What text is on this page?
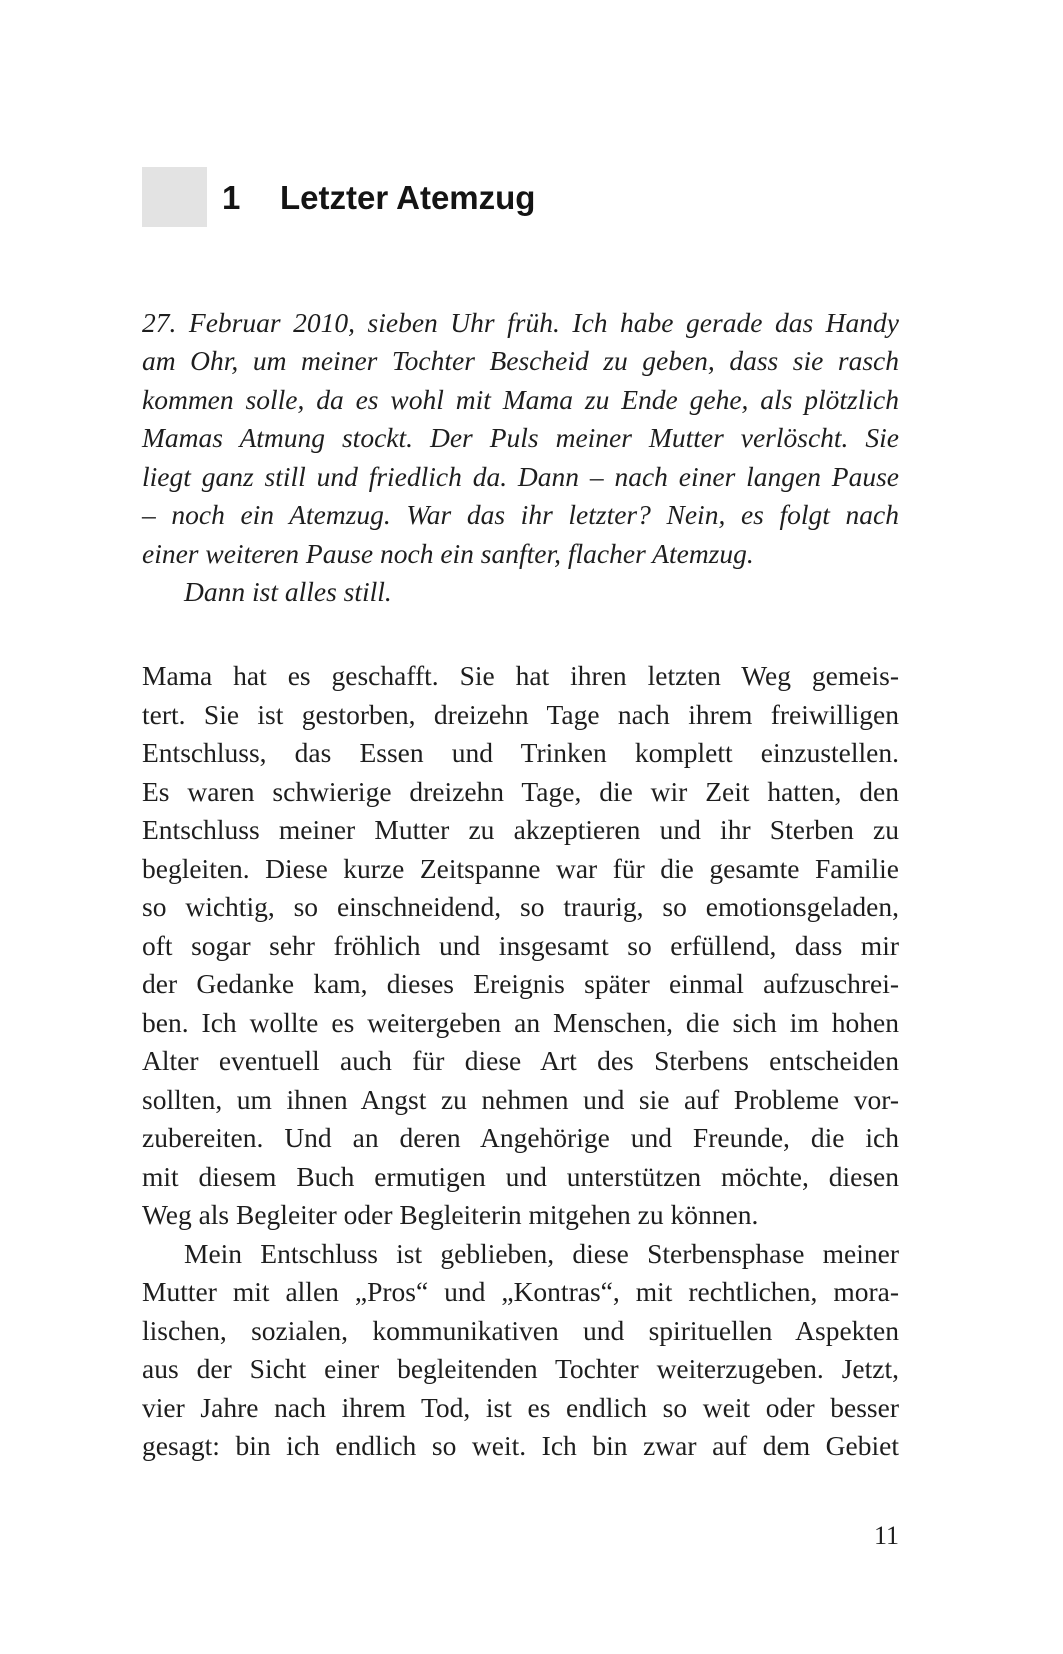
1 Letzter Atemzug
27. Februar 2010, sieben Uhr früh. Ich habe gerade das Handy
am Ohr, um meiner Tochter Bescheid zu geben, dass sie rasch
kommen solle, da es wohl mit Mama zu Ende gehe, als plötzlich
Mamas Atmung stockt. Der Puls meiner Mutter verlöscht. Sie
liegt ganz still und friedlich da. Dann – nach einer langen Pause
– noch ein Atemzug. War das ihr letzter? Nein, es folgt nach
einer weiteren Pause noch ein sanfter, flacher Atemzug.
Dann ist alles still.
Mama hat es geschafft. Sie hat ihren letzten Weg gemeis-
tert. Sie ist gestorben, dreizehn Tage nach ihrem freiwilligen
Entschluss, das Essen und Trinken komplett einzustellen.
Es waren schwierige dreizehn Tage, die wir Zeit hatten, den
Entschluss meiner Mutter zu akzeptieren und ihr Sterben zu
begleiten. Diese kurze Zeitspanne war für die gesamte Familie
so wichtig, so einschneidend, so traurig, so emotionsgeladen,
oft sogar sehr fröhlich und insgesamt so erfüllend, dass mir
der Gedanke kam, dieses Ereignis später einmal aufzuschrei-
ben. Ich wollte es weitergeben an Menschen, die sich im hohen
Alter eventuell auch für diese Art des Sterbens entscheiden
sollten, um ihnen Angst zu nehmen und sie auf Probleme vor-
zubereiten. Und an deren Angehörige und Freunde, die ich
mit diesem Buch ermutigen und unterstützen möchte, diesen
Weg als Begleiter oder Begleiterin mitgehen zu können.
Mein Entschluss ist geblieben, diese Sterbensphase meiner
Mutter mit allen „Pros“ und „Kontras“, mit rechtlichen, mora-
lischen, sozialen, kommunikativen und spirituellen Aspekten
aus der Sicht einer begleitenden Tochter weiterzugeben. Jetzt,
vier Jahre nach ihrem Tod, ist es endlich so weit oder besser
gesagt: bin ich endlich so weit. Ich bin zwar auf dem Gebiet
11
